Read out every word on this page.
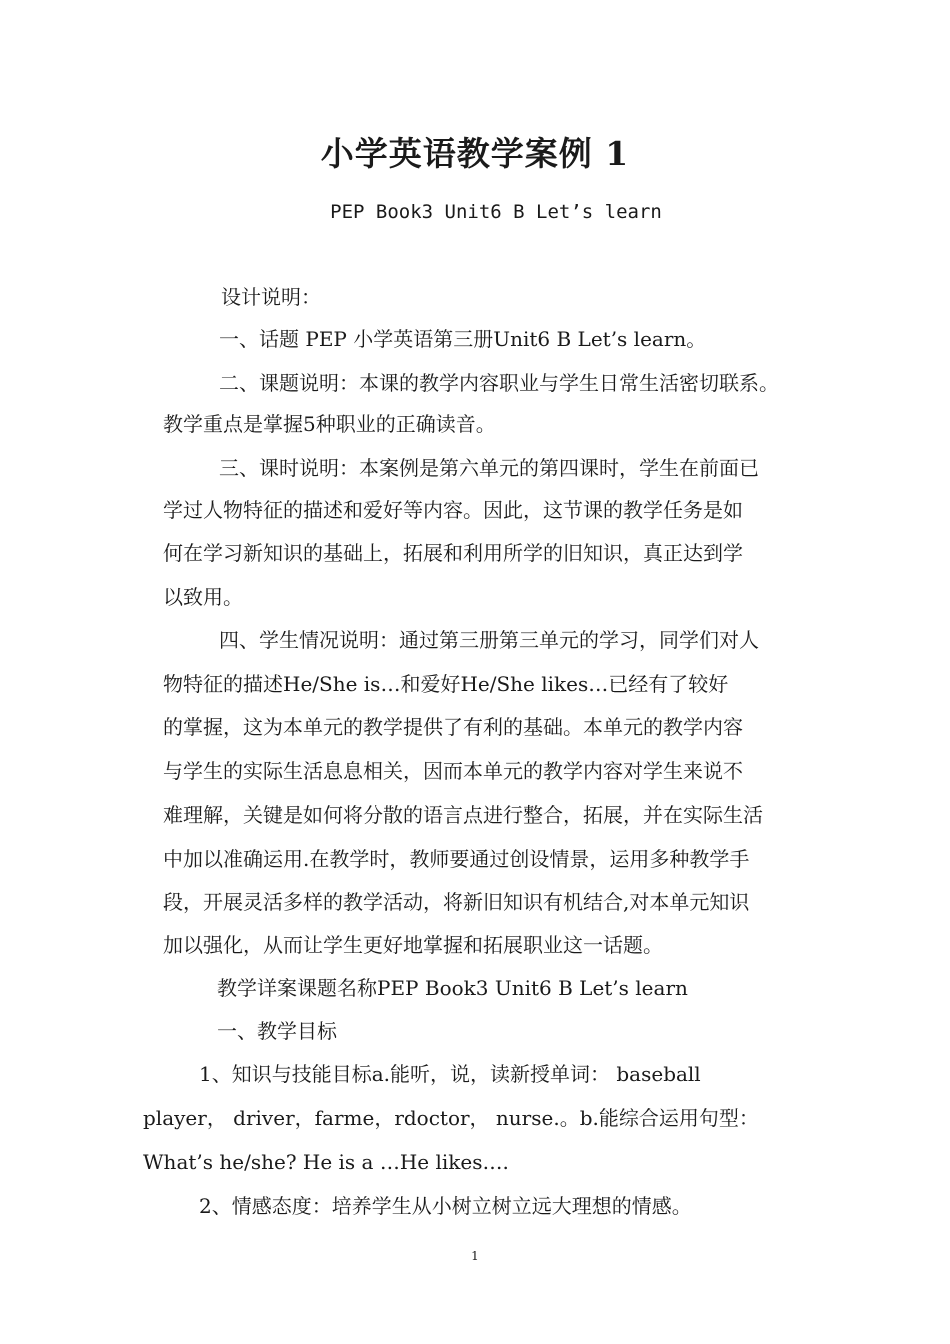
小学英语教学案例 1
PEP Book3 Unit6 B Let’s learn
设计说明：
一、话题 PEP 小学英语第三册Unit6 B Let’s learn。
二、课题说明：本课的教学内容职业与学生日常生活密切联系。
教学重点是掌握5种职业的正确读音。
三、课时说明：本案例是第六单元的第四课时，学生在前面已
学过人物特征的描述和爱好等内容。因此，这节课的教学任务是如
何在学习新知识的基础上，拓展和利用所学的旧知识，真正达到学
以致用。
四、学生情况说明：通过第三册第三单元的学习，同学们对人
物特征的描述He/She is…和爱好He/She likes…已经有了较好
的掌握，这为本单元的教学提供了有利的基础。本单元的教学内容
与学生的实际生活息息相关，因而本单元的教学内容对学生来说不
难理解，关键是如何将分散的语言点进行整合，拓展，并在实际生活
中加以准确运用.在教学时，教师要通过创设情景，运用多种教学手
段，开展灵活多样的教学活动，将新旧知识有机结合,对本单元知识
加以强化，从而让学生更好地掌握和拓展职业这一话题。
教学详案课题名称PEP Book3 Unit6 B Let’s learn
一、教学目标
1、知识与技能目标a.能听，说，读新授单词： baseball
player， driver，farme，rdoctor， nurse.。b.能综合运用句型：
What’s he/she? He is a …He likes….
2、情感态度：培养学生从小树立树立远大理想的情感。
1
